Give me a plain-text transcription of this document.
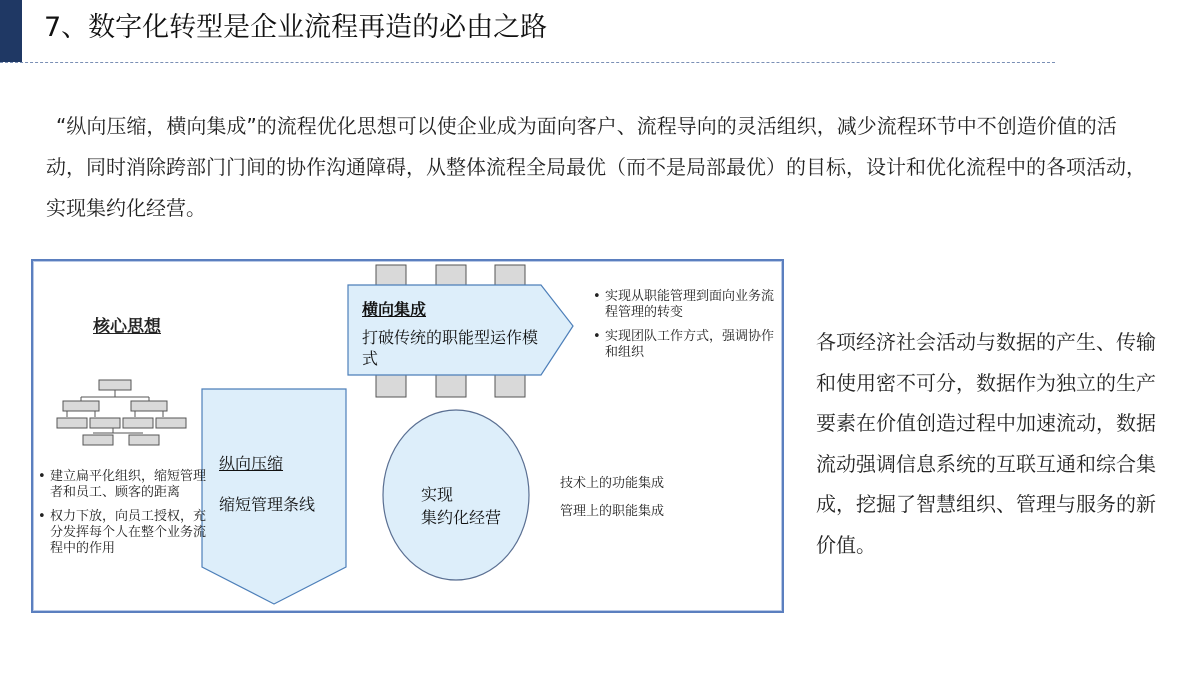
7、数字化转型是企业流程再造的必由之路
“纵向压缩，横向集成”的流程优化思想可以使企业成为面向客户、流程导向的灵活组织，减少流程环节中不创造价值的活动，同时消除跨部门门间的协作沟通障碍，从整体流程全局最优（而不是局部最优）的目标，设计和优化流程中的各项活动，实现集约化经营。
核心思想
• 建立扁平化组织，缩短管理者和员工、顾客的距离
• 权力下放，向员工授权，充分发挥每个人在整个业务流程中的作用
横向集成
打破传统的职能型运作模式
• 实现从职能管理到面向业务流程管理的转变
• 实现团队工作方式，强调协作和组织
纵向压缩
缩短管理条线
实现
集约化经营
技术上的功能集成
管理上的职能集成
各项经济社会活动与数据的产生、传输和使用密不可分，数据作为独立的生产要素在价值创造过程中加速流动，数据流动强调信息系统的互联互通和综合集成，挖掘了智慧组织、管理与服务的新价值。
